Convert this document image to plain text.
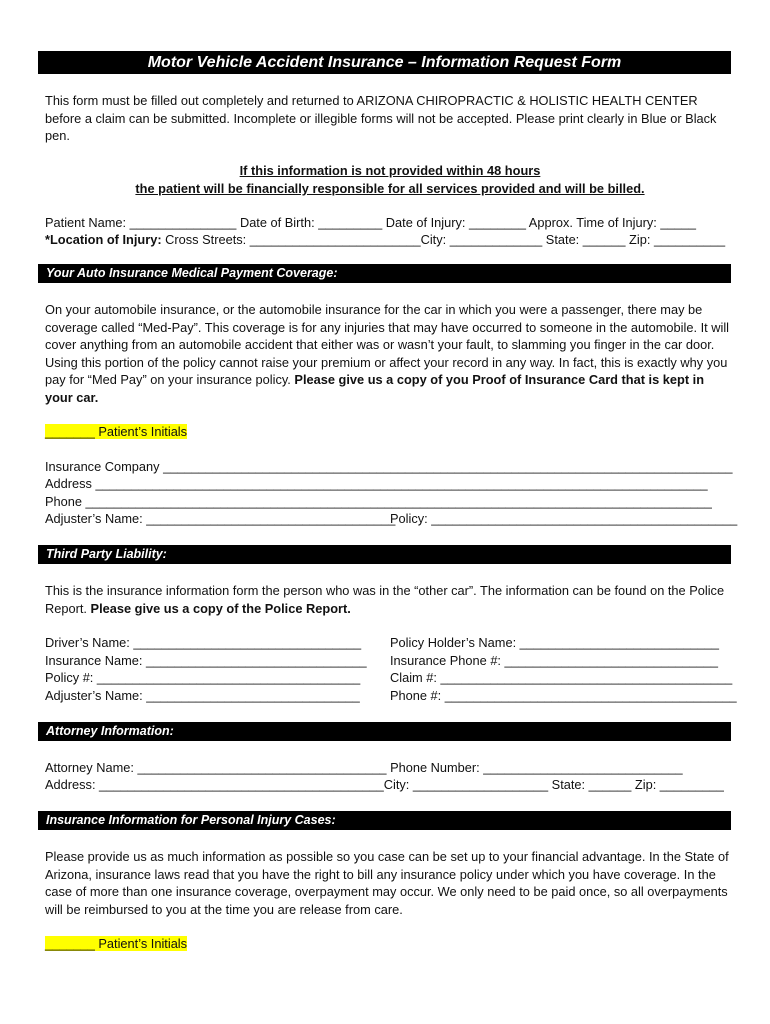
Motor Vehicle Accident Insurance – Information Request Form
This form must be filled out completely and returned to ARIZONA CHIROPRACTIC & HOLISTIC HEALTH CENTER before a claim can be submitted. Incomplete or illegible forms will not be accepted. Please print clearly in Blue or Black pen.
If this information is not provided within 48 hours
the patient will be financially responsible for all services provided and will be billed.
Patient Name: _______________ Date of Birth: _________ Date of Injury: ________ Approx. Time of Injury: _____
*Location of Injury: Cross Streets: ________________________City: _____________ State: ______ Zip: __________
Your Auto Insurance Medical Payment Coverage:
On your automobile insurance, or the automobile insurance for the car in which you were a passenger, there may be coverage called “Med-Pay”. This coverage is for any injuries that may have occurred to someone in the automobile. It will cover anything from an automobile accident that either was or wasn’t your fault, to slamming you finger in the car door. Using this portion of the policy cannot raise your premium or affect your record in any way. In fact, this is exactly why you pay for “Med Pay” on your insurance policy. Please give us a copy of you Proof of Insurance Card that is kept in your car.
_______ Patient’s Initials
Insurance Company ________________________________________________________________________________
Address ______________________________________________________________________________________
Phone ________________________________________________________________________________________
Adjuster’s Name: ___________________________________
Policy: ___________________________________________
Third Party Liability:
This is the insurance information form the person who was in the “other car”. The information can be found on the Police Report. Please give us a copy of the Police Report.
Driver’s Name: ________________________________
Insurance Name: _______________________________
Policy #: _____________________________________
Adjuster’s Name: ______________________________
Policy Holder’s Name: ____________________________
Insurance Phone #: ______________________________
Claim #: _________________________________________
Phone #: _________________________________________
Attorney Information:
Attorney Name: ___________________________________ Phone Number: ____________________________
Address: ________________________________________City: ___________________ State: ______ Zip: _________
Insurance Information for Personal Injury Cases:
Please provide us as much information as possible so you case can be set up to your financial advantage. In the State of Arizona, insurance laws read that you have the right to bill any insurance policy under which you have coverage. In the case of more than one insurance coverage, overpayment may occur. We only need to be paid once, so all overpayments will be reimbursed to you at the time you are release from care.
_______ Patient’s Initials
